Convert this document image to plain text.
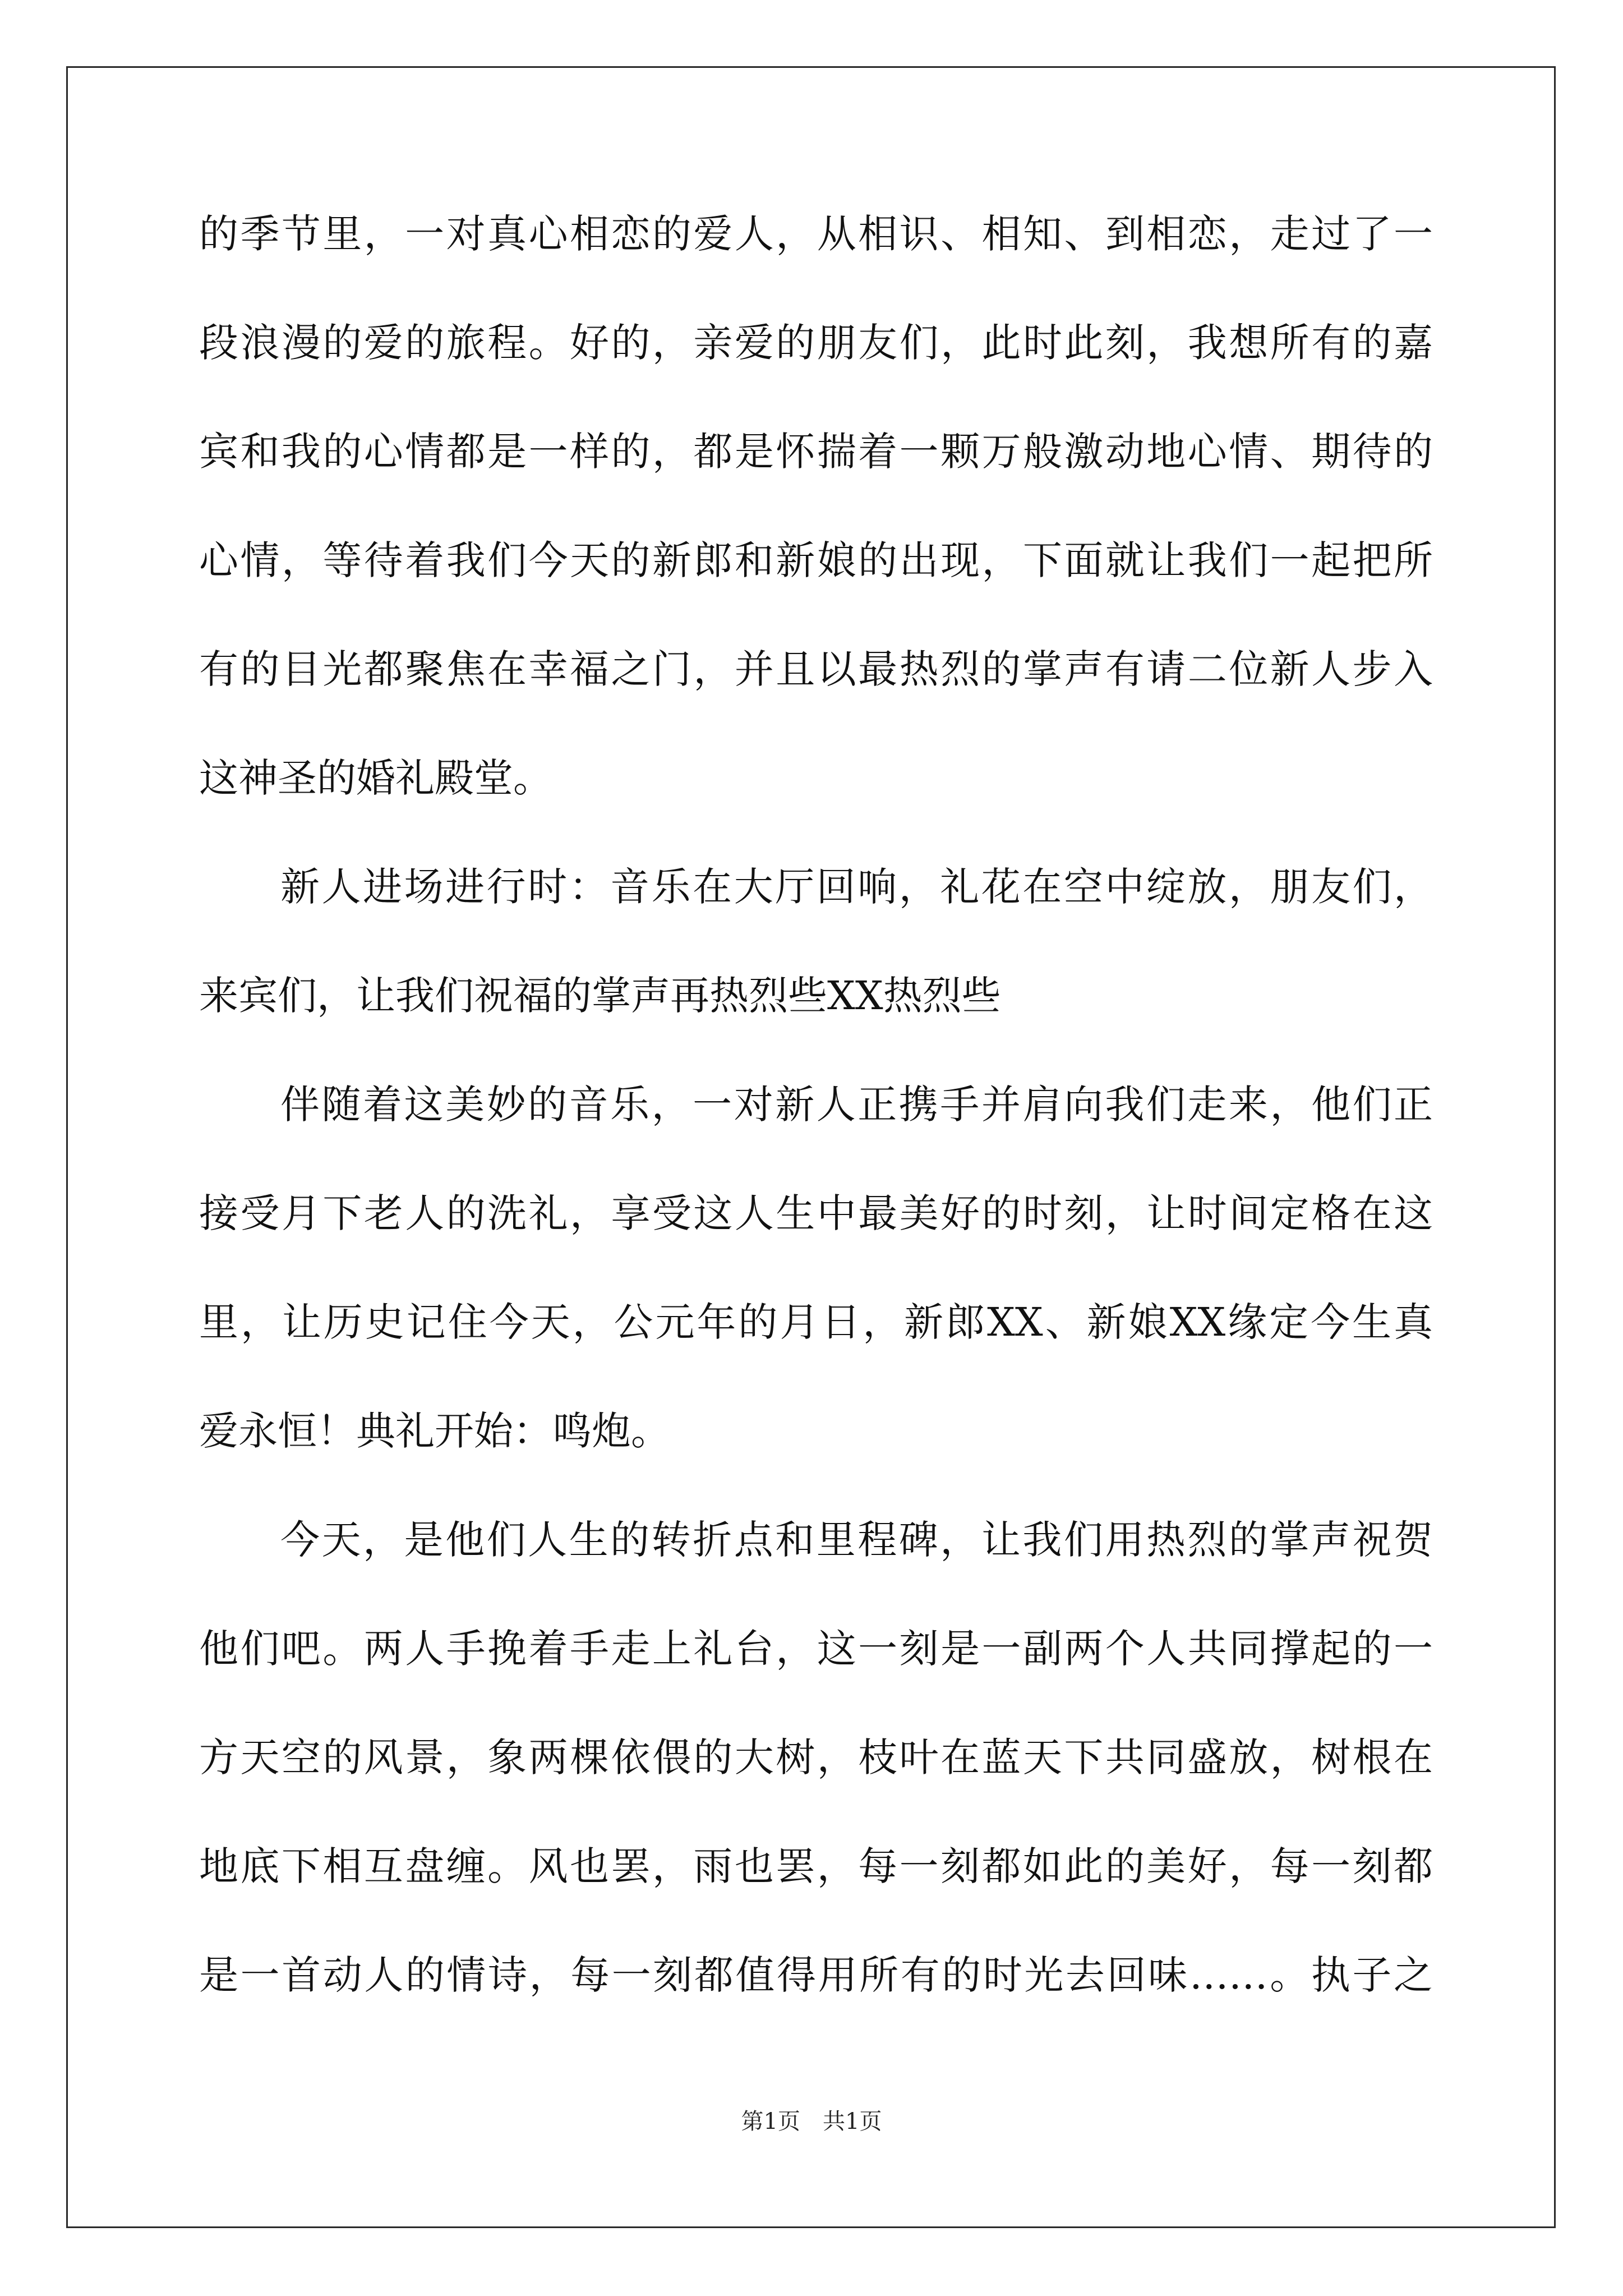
的季节里，一对真心相恋的爱人，从相识、相知、到相恋，走过了一
段浪漫的爱的旅程。好的，亲爱的朋友们，此时此刻，我想所有的嘉
宾和我的心情都是一样的，都是怀揣着一颗万般激动地心情、期待的
心情，等待着我们今天的新郎和新娘的出现，下面就让我们一起把所
有的目光都聚焦在幸福之门，并且以最热烈的掌声有请二位新人步入
这神圣的婚礼殿堂。
新人进场进行时：音乐在大厅回响，礼花在空中绽放，朋友们，
来宾们，让我们祝福的掌声再热烈些XX热烈些
伴随着这美妙的音乐，一对新人正携手并肩向我们走来，他们正
接受月下老人的洗礼，享受这人生中最美好的时刻，让时间定格在这
里，让历史记住今天，公元年的月日，新郎XX、新娘XX缘定今生真
爱永恒！典礼开始：鸣炮。
今天，是他们人生的转折点和里程碑，让我们用热烈的掌声祝贺
他们吧。两人手挽着手走上礼台，这一刻是一副两个人共同撑起的一
方天空的风景，象两棵依偎的大树，枝叶在蓝天下共同盛放，树根在
地底下相互盘缠。风也罢，雨也罢，每一刻都如此的美好，每一刻都
是一首动人的情诗，每一刻都值得用所有的时光去回味……。执子之
第1页 共1页
